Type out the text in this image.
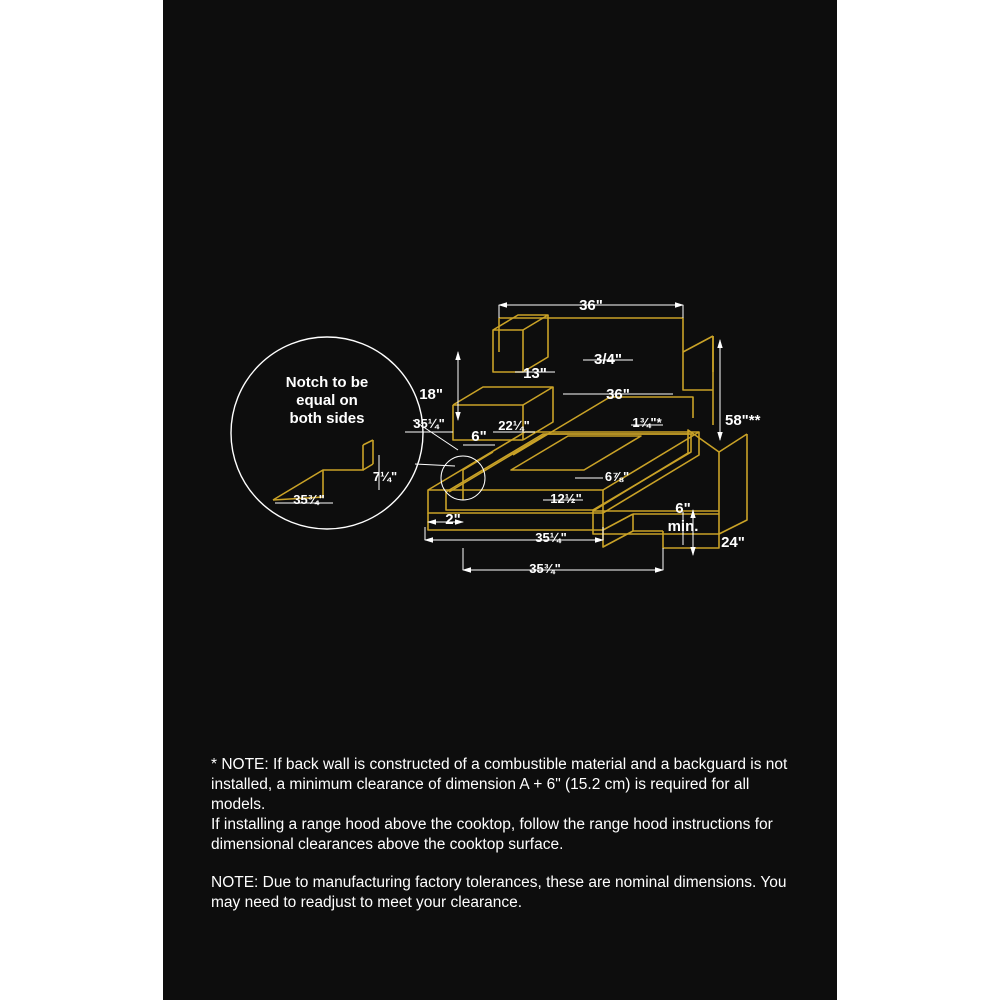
Notch to be
equal on
both sides
36"
3/4"
13"
18"	36"
58"**
35¼"	22¼"
6"
1¾"*
7¼"
35¾"
2"
6⅞"
12½"
6"
min.
35¼"
35¾"
24"

* NOTE: If back wall is constructed of a combustible material and a backguard is not installed, a minimum clearance of dimension A + 6" (15.2 cm) is required for all models.

If installing a range hood above the cooktop, follow the range hood instructions for dimensional clearances above the cooktop surface.

NOTE: Due to manufacturing factory tolerances, these are nominal dimensions. You may need to readjust to meet your clearance.
